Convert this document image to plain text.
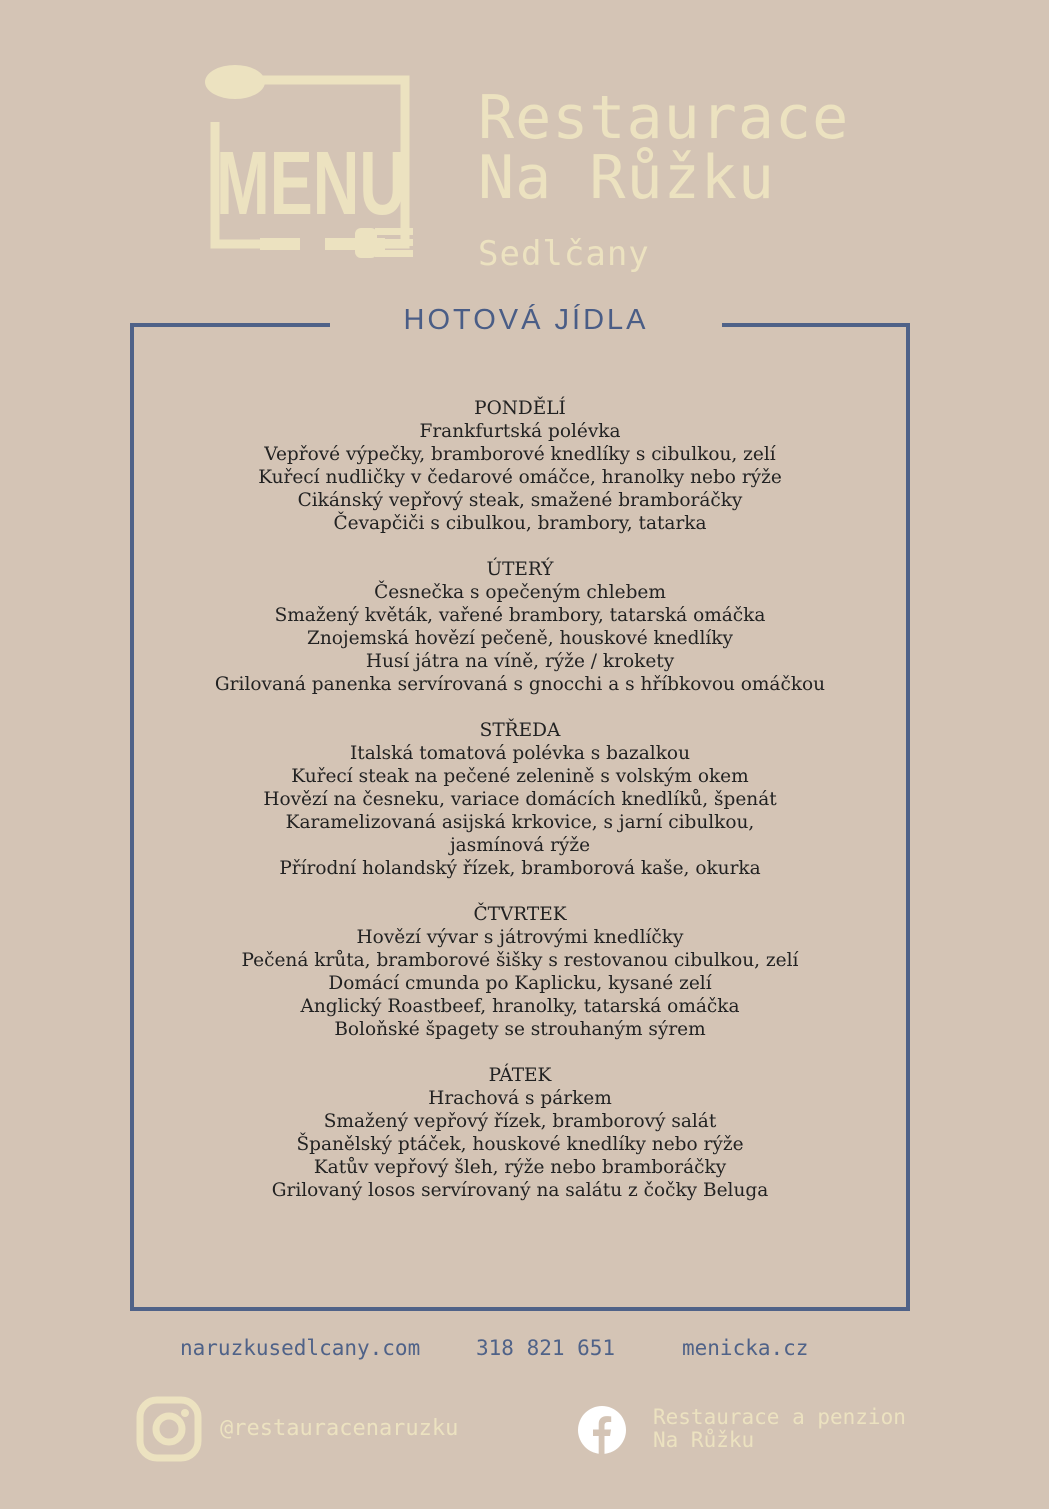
MENU
Restaurace
Na Růžku
Sedlčany
HOTOVÁ JÍDLA
PONDĚLÍ
Frankfurtská polévka
Vepřové výpečky, bramborové knedlíky s cibulkou, zelí
Kuřecí nudličky v čedarové omáčce, hranolky nebo rýže
Cikánský vepřový steak, smažené bramboráčky
Čevapčiči s cibulkou, brambory, tatarka
ÚTERÝ
Česnečka s opečeným chlebem
Smažený květák, vařené brambory, tatarská omáčka
Znojemská hovězí pečeně, houskové knedlíky
Husí játra na víně, rýže / krokety
Grilovaná panenka servírovaná s gnocchi a s hříbkovou omáčkou
STŘEDA
Italská tomatová polévka s bazalkou
Kuřecí steak na pečené zelenině s volským okem
Hovězí na česneku, variace domácích knedlíků, špenát
Karamelizovaná asijská krkovice, s jarní cibulkou,
jasmínová rýže
Přírodní holandský řízek, bramborová kaše, okurka
ČTVRTEK
Hovězí vývar s játrovými knedlíčky
Pečená krůta, bramborové šišky s restovanou cibulkou, zelí
Domácí cmunda po Kaplicku, kysané zelí
Anglický Roastbeef, hranolky, tatarská omáčka
Boloňské špagety se strouhaným sýrem
PÁTEK
Hrachová s párkem
Smažený vepřový řízek, bramborový salát
Španělský ptáček, houskové knedlíky nebo rýže
Katův vepřový šleh, rýže nebo bramboráčky
Grilovaný losos servírovaný na salátu z čočky Beluga
naruzkusedlcany.com	318 821 651	menicka.cz
@restauracenaruzku	Restaurace a penzion
Na Růžku
